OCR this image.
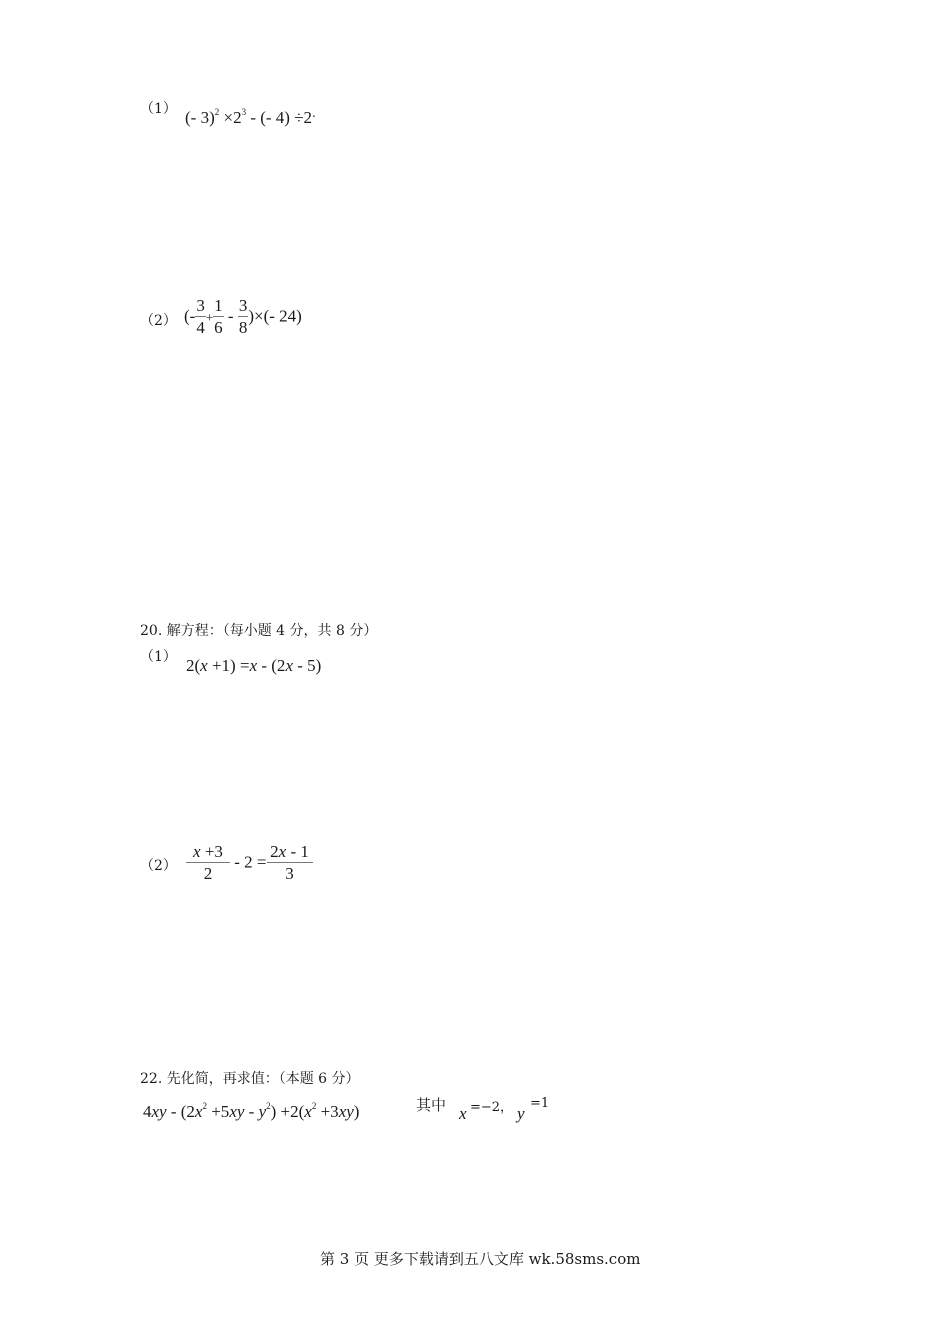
（1） (- $3)^2 \times 2^3$ - (- 4) ÷2.
（2） (- $\frac{3}{4} + \frac{1}{6} - \frac{3}{8}$ )×(- 24)
20. 解方程：（每小题 4 分，共 8 分）
（1） 2(x +1) =x - (2x - 5)
$(2) \frac{x +3}{2} - 2 = \frac{2x - 1}{3}$
22. 先化简，再求值：（本题 6 分）
$4xy - (2x^2 +5xy - y^2) +2(x^2 +3xy)$	其中 x =−2， y
=1
第 3 页 更多下载请到五八文库 wk.58sms.com
